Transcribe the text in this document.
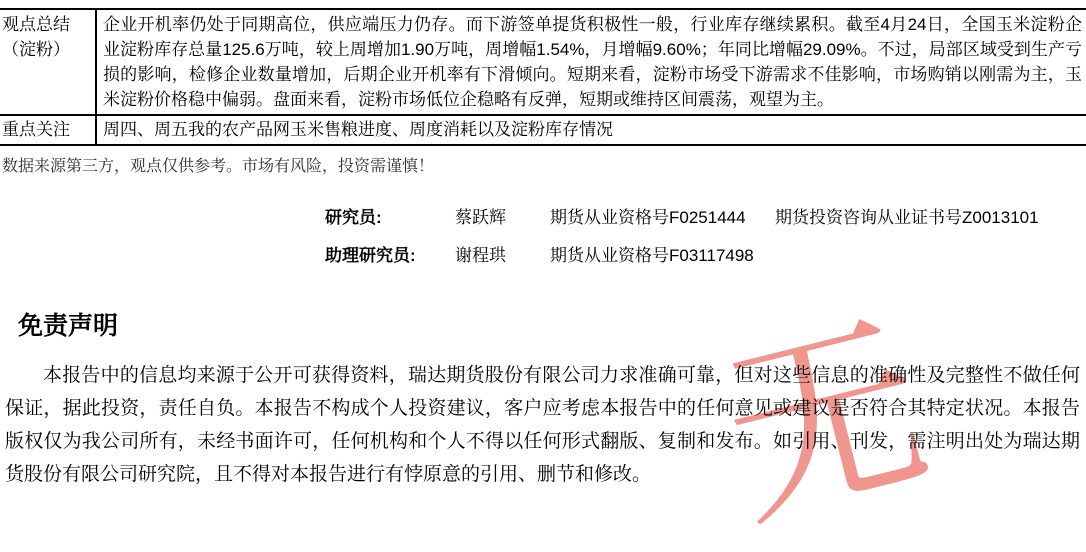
无
观点总结（淀粉）	企业开机率仍处于同期高位，供应端压力仍存。而下游签单提货积极性一般，行业库存继续累积。截至4月24日，全国玉米淀粉企业淀粉库存总量125.6万吨，较上周增加1.90万吨，周增幅1.54%，月增幅9.60%；年同比增幅29.09%。不过，局部区域受到生产亏损的影响，检修企业数量增加，后期企业开机率有下滑倾向。短期来看，淀粉市场受下游需求不佳影响，市场购销以刚需为主，玉米淀粉价格稳中偏弱。盘面来看，淀粉市场低位企稳略有反弹，短期或维持区间震荡，观望为主。
重点关注	周四、周五我的农产品网玉米售粮进度、周度消耗以及淀粉库存情况
数据来源第三方，观点仅供参考。市场有风险，投资需谨慎！
研究员:	蔡跃辉	期货从业资格号F0251444	期货投资咨询从业证书号Z0013101
助理研究员:	谢程珙	期货从业资格号F03117498
免责声明

本报告中的信息均来源于公开可获得资料，瑞达期货股份有限公司力求准确可靠，但对这些信息的准确性及完整性不做任何保证，据此投资，责任自负。本报告不构成个人投资建议，客户应考虑本报告中的任何意见或建议是否符合其特定状况。本报告版权仅为我公司所有，未经书面许可，任何机构和个人不得以任何形式翻版、复制和发布。如引用、刊发，需注明出处为瑞达期货股份有限公司研究院，且不得对本报告进行有悖原意的引用、删节和修改。
